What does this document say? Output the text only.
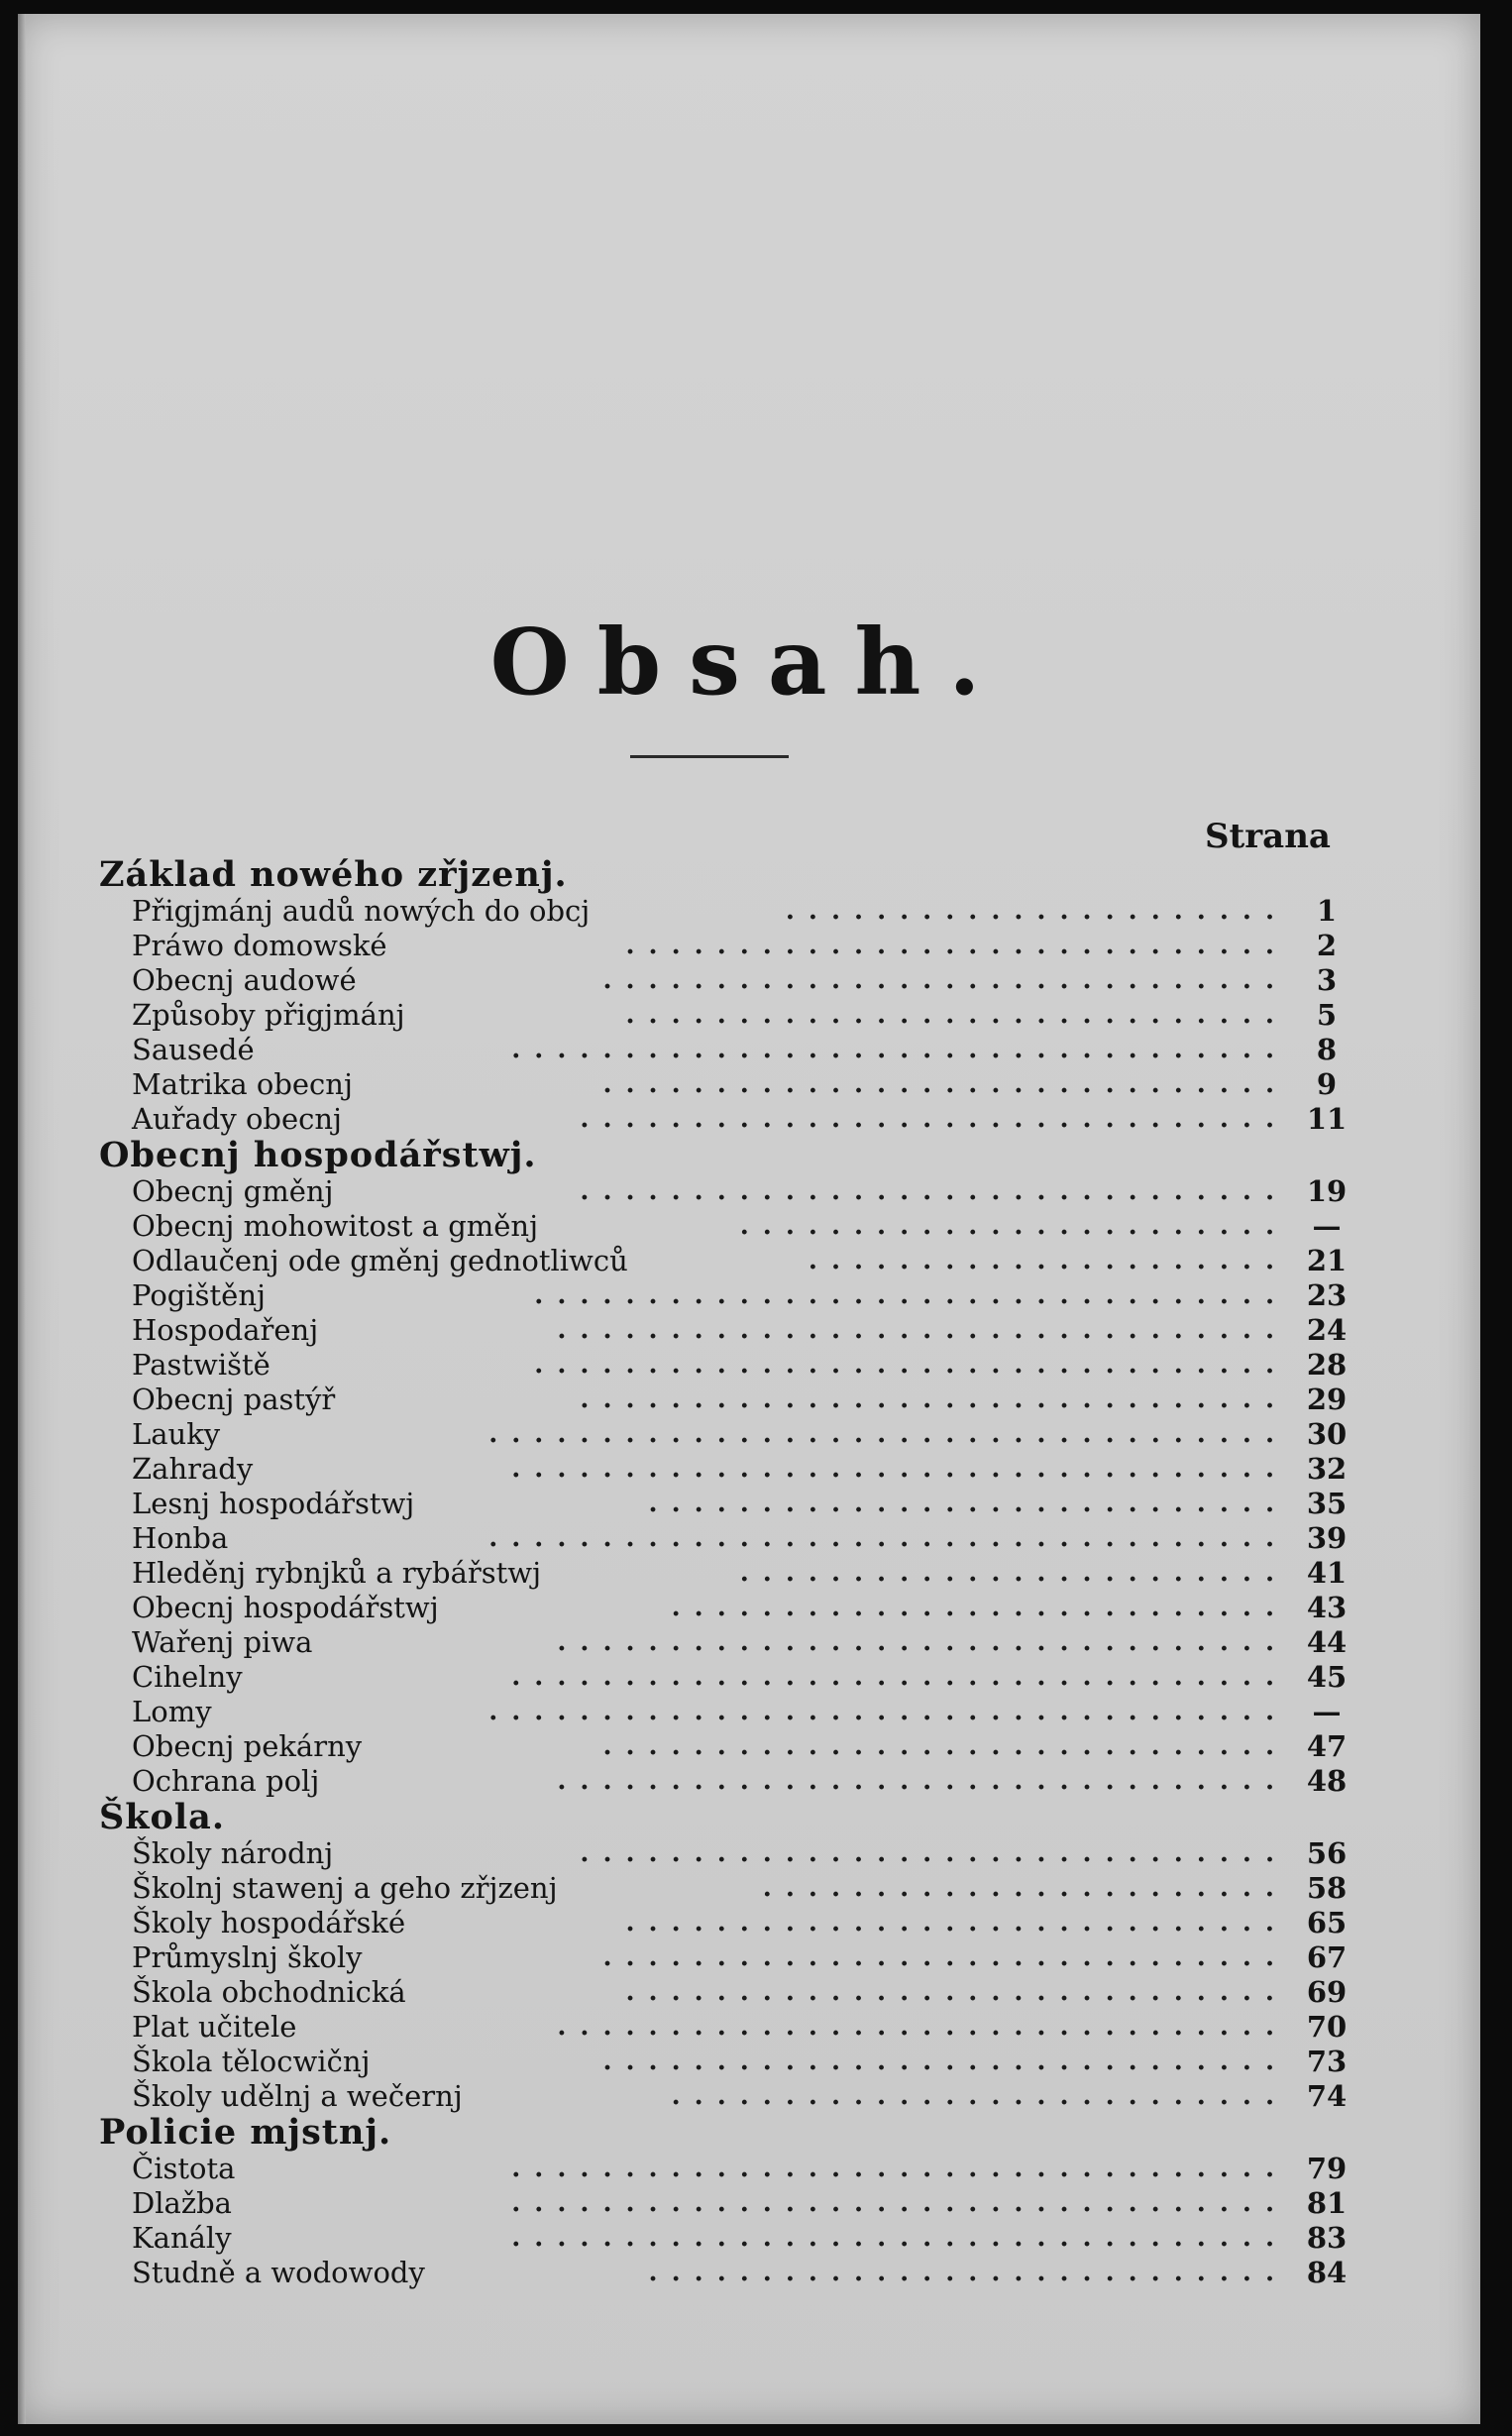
Obsah.
Strana
Základ nowého zřjzenj.
Přigjmánj audů nowých do obcj	...................... 1
Práwo domowské	............................. 2
Obecnj audowé	.............................. 3
Způsoby přigjmánj	............................. 5
Sausedé	.................................. 8
Matrika obecnj	.............................. 9
Auřady obecnj	............................... 11
Obecnj hospodářstwj.
Obecnj gměnj	............................... 19
Obecnj mohowitost a gměnj	........................ —
Odlaučenj ode gměnj gednotliwců	..................... 21
Pogištěnj	................................. 23
Hospodařenj	................................ 24
Pastwiště	................................. 28
Obecnj pastýř	............................... 29
Lauky	................................... 30
Zahrady	.................................. 32
Lesnj hospodářstwj	............................ 35
Honba	................................... 39
Hleděnj rybnjků a rybářstwj	........................ 41
Obecnj hospodářstwj	........................... 43
Wařenj piwa	................................ 44
Cihelny	.................................. 45
Lomy	................................... —
Obecnj pekárny	.............................. 47
Ochrana polj	................................ 48
Škola.
Školy národnj	............................... 56
Školnj stawenj a geho zřjzenj	....................... 58
Školy hospodářské	............................. 65
Průmyslnj školy	.............................. 67
Škola obchodnická	............................. 69
Plat učitele	................................ 70
Škola tělocwičnj	.............................. 73
Školy udělnj a wečernj	........................... 74
Policie mjstnj.
Čistota	.................................. 79
Dlažba	.................................. 81
Kanály	.................................. 83
Studně a wodowody	............................ 84
